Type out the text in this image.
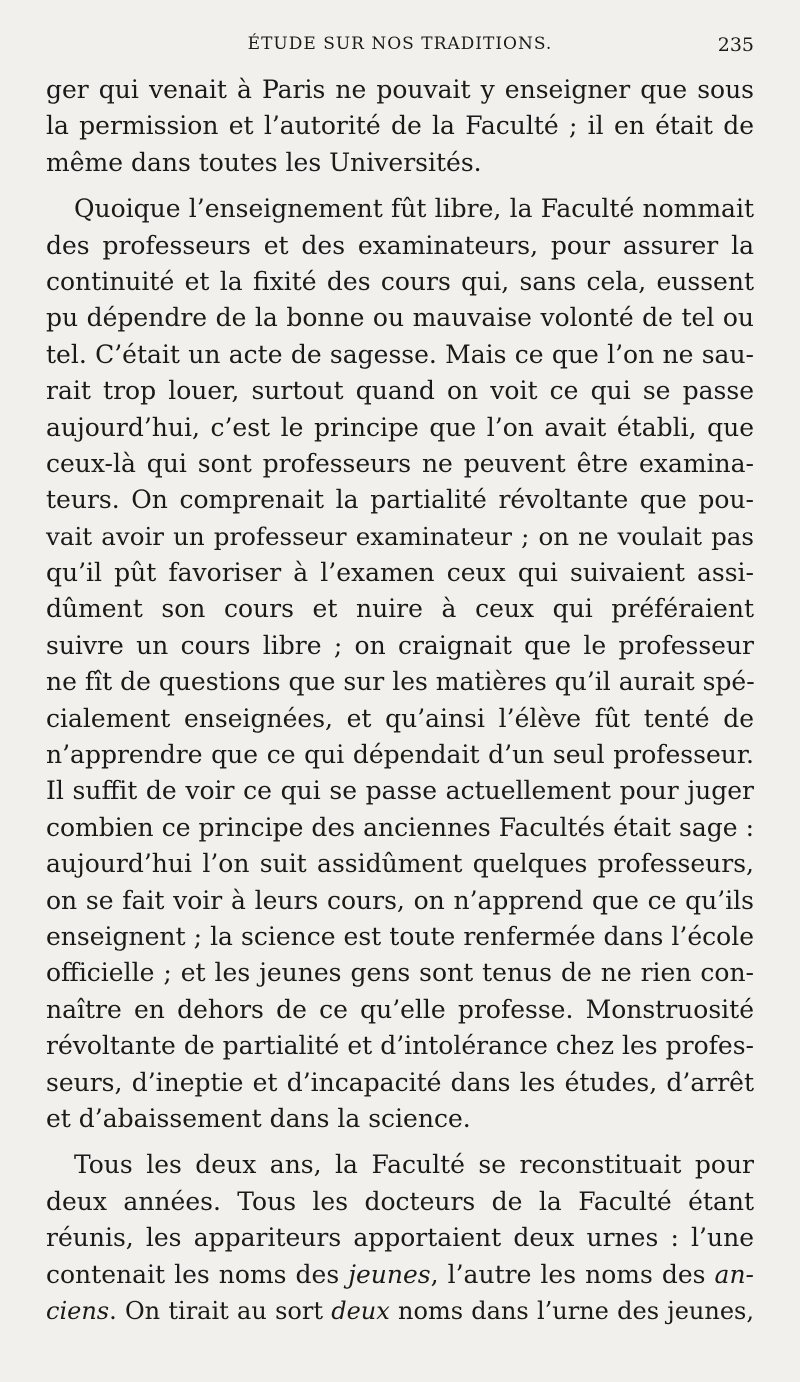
ÉTUDE SUR NOS TRADITIONS.	235
ger qui venait à Paris ne pouvait y enseigner que sous
la permission et l’autorité de la Faculté ; il en était de
même dans toutes les Universités.
Quoique l’enseignement fût libre, la Faculté nommait
des professeurs et des examinateurs, pour assurer la
continuité et la fixité des cours qui, sans cela, eussent
pu dépendre de la bonne ou mauvaise volonté de tel ou
tel. C’était un acte de sagesse. Mais ce que l’on ne sau-
rait trop louer, surtout quand on voit ce qui se passe
aujourd’hui, c’est le principe que l’on avait établi, que
ceux-là qui sont professeurs ne peuvent être examina-
teurs. On comprenait la partialité révoltante que pou-
vait avoir un professeur examinateur ; on ne voulait pas
qu’il pût favoriser à l’examen ceux qui suivaient assi-
dûment son cours et nuire à ceux qui préféraient
suivre un cours libre ; on craignait que le professeur
ne fît de questions que sur les matières qu’il aurait spé-
cialement enseignées, et qu’ainsi l’élève fût tenté de
n’apprendre que ce qui dépendait d’un seul professeur.
Il suffit de voir ce qui se passe actuellement pour juger
combien ce principe des anciennes Facultés était sage :
aujourd’hui l’on suit assidûment quelques professeurs,
on se fait voir à leurs cours, on n’apprend que ce qu’ils
enseignent ; la science est toute renfermée dans l’école
officielle ; et les jeunes gens sont tenus de ne rien con-
naître en dehors de ce qu’elle professe. Monstruosité
révoltante de partialité et d’intolérance chez les profes-
seurs, d’ineptie et d’incapacité dans les études, d’arrêt
et d’abaissement dans la science.
Tous les deux ans, la Faculté se reconstituait pour
deux années. Tous les docteurs de la Faculté étant
réunis, les appariteurs apportaient deux urnes : l’une
contenait les noms des jeunes, l’autre les noms des an-
ciens. On tirait au sort deux noms dans l’urne des jeunes,
